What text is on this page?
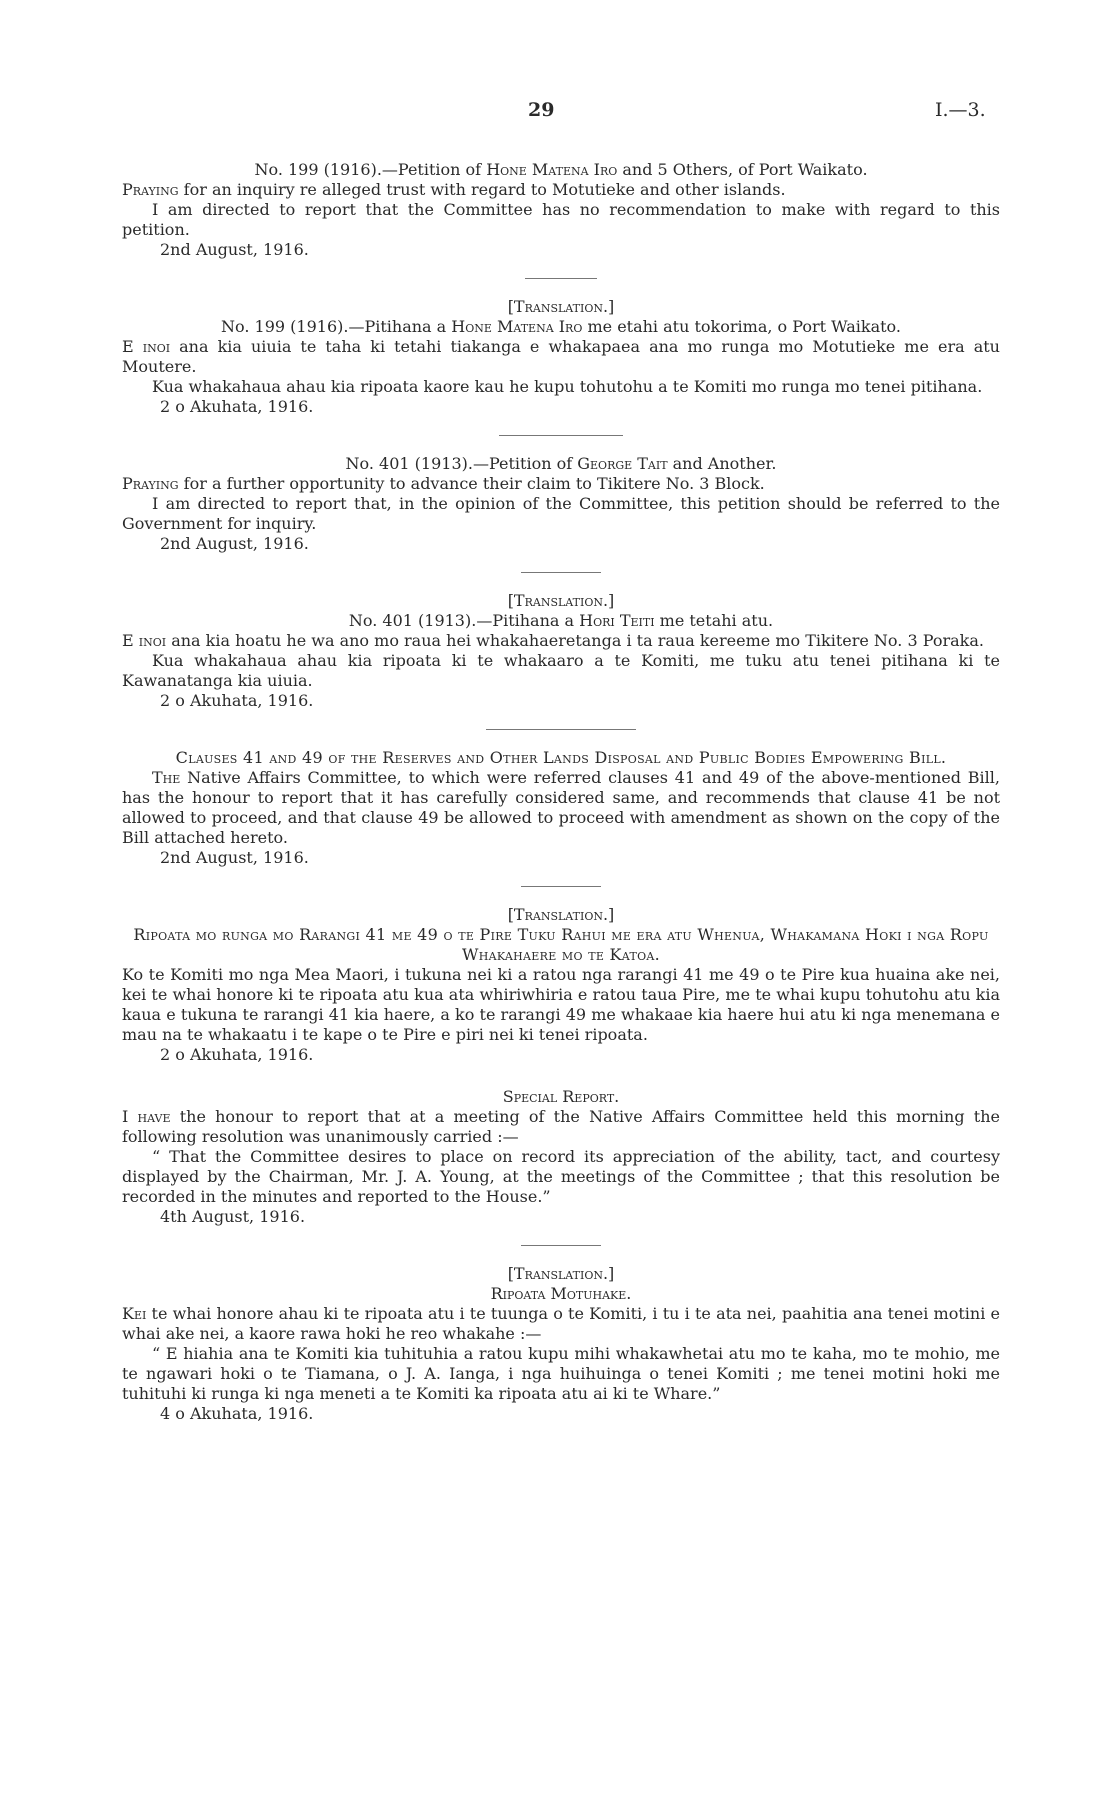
29	I.—3.

No. 199 (1916).—Petition of Hone Matena Iro and 5 Others, of Port Waikato.

Praying for an inquiry re alleged trust with regard to Motutieke and other islands.

I am directed to report that the Committee has no recommendation to make with regard to this petition.

2nd August, 1916.

[Translation.]

No. 199 (1916).—Pitihana a Hone Matena Iro me etahi atu tokorima, o Port Waikato.

E inoi ana kia uiuia te taha ki tetahi tiakanga e whakapaea ana mo runga mo Motutieke me era atu Moutere.

Kua whakahaua ahau kia ripoata kaore kau he kupu tohutohu a te Komiti mo runga mo tenei pitihana.

2 o Akuhata, 1916.

No. 401 (1913).—Petition of George Tait and Another.

Praying for a further opportunity to advance their claim to Tikitere No. 3 Block.

I am directed to report that, in the opinion of the Committee, this petition should be referred to the Government for inquiry.

2nd August, 1916.

[Translation.]

No. 401 (1913).—Pitihana a Hori Teiti me tetahi atu.

E inoi ana kia hoatu he wa ano mo raua hei whakahaeretanga i ta raua kereeme mo Tikitere No. 3 Poraka.

Kua whakahaua ahau kia ripoata ki te whakaaro a te Komiti, me tuku atu tenei pitihana ki te Kawanatanga kia uiuia.

2 o Akuhata, 1916.

Clauses 41 and 49 of the Reserves and Other Lands Disposal and Public Bodies Empowering Bill.

The Native Affairs Committee, to which were referred clauses 41 and 49 of the above-mentioned Bill, has the honour to report that it has carefully considered same, and recommends that clause 41 be not allowed to proceed, and that clause 49 be allowed to proceed with amendment as shown on the copy of the Bill attached hereto.

2nd August, 1916.

[Translation.]

Ripoata mo runga mo Rarangi 41 me 49 o te Pire Tuku Rahui me era atu Whenua, Whakamana Hoki i nga Ropu Whakahaere mo te Katoa.

Ko te Komiti mo nga Mea Maori, i tukuna nei ki a ratou nga rarangi 41 me 49 o te Pire kua huaina ake nei, kei te whai honore ki te ripoata atu kua ata whiriwhiria e ratou taua Pire, me te whai kupu tohutohu atu kia kaua e tukuna te rarangi 41 kia haere, a ko te rarangi 49 me whakaae kia haere hui atu ki nga menemana e mau na te whakaatu i te kape o te Pire e piri nei ki tenei ripoata.

2 o Akuhata, 1916.

Special Report.

I have the honour to report that at a meeting of the Native Affairs Committee held this morning the following resolution was unanimously carried :—

“ That the Committee desires to place on record its appreciation of the ability, tact, and courtesy displayed by the Chairman, Mr. J. A. Young, at the meetings of the Committee ; that this resolution be recorded in the minutes and reported to the House.”

4th August, 1916.

[Translation.]

Ripoata Motuhake.

Kei te whai honore ahau ki te ripoata atu i te tuunga o te Komiti, i tu i te ata nei, paahitia ana tenei motini e whai ake nei, a kaore rawa hoki he reo whakahe :—

“ E hiahia ana te Komiti kia tuhituhia a ratou kupu mihi whakawhetai atu mo te kaha, mo te mohio, me te ngawari hoki o te Tiamana, o J. A. Ianga, i nga huihuinga o tenei Komiti ; me tenei motini hoki me tuhituhi ki runga ki nga meneti a te Komiti ka ripoata atu ai ki te Whare.”

4 o Akuhata, 1916.
